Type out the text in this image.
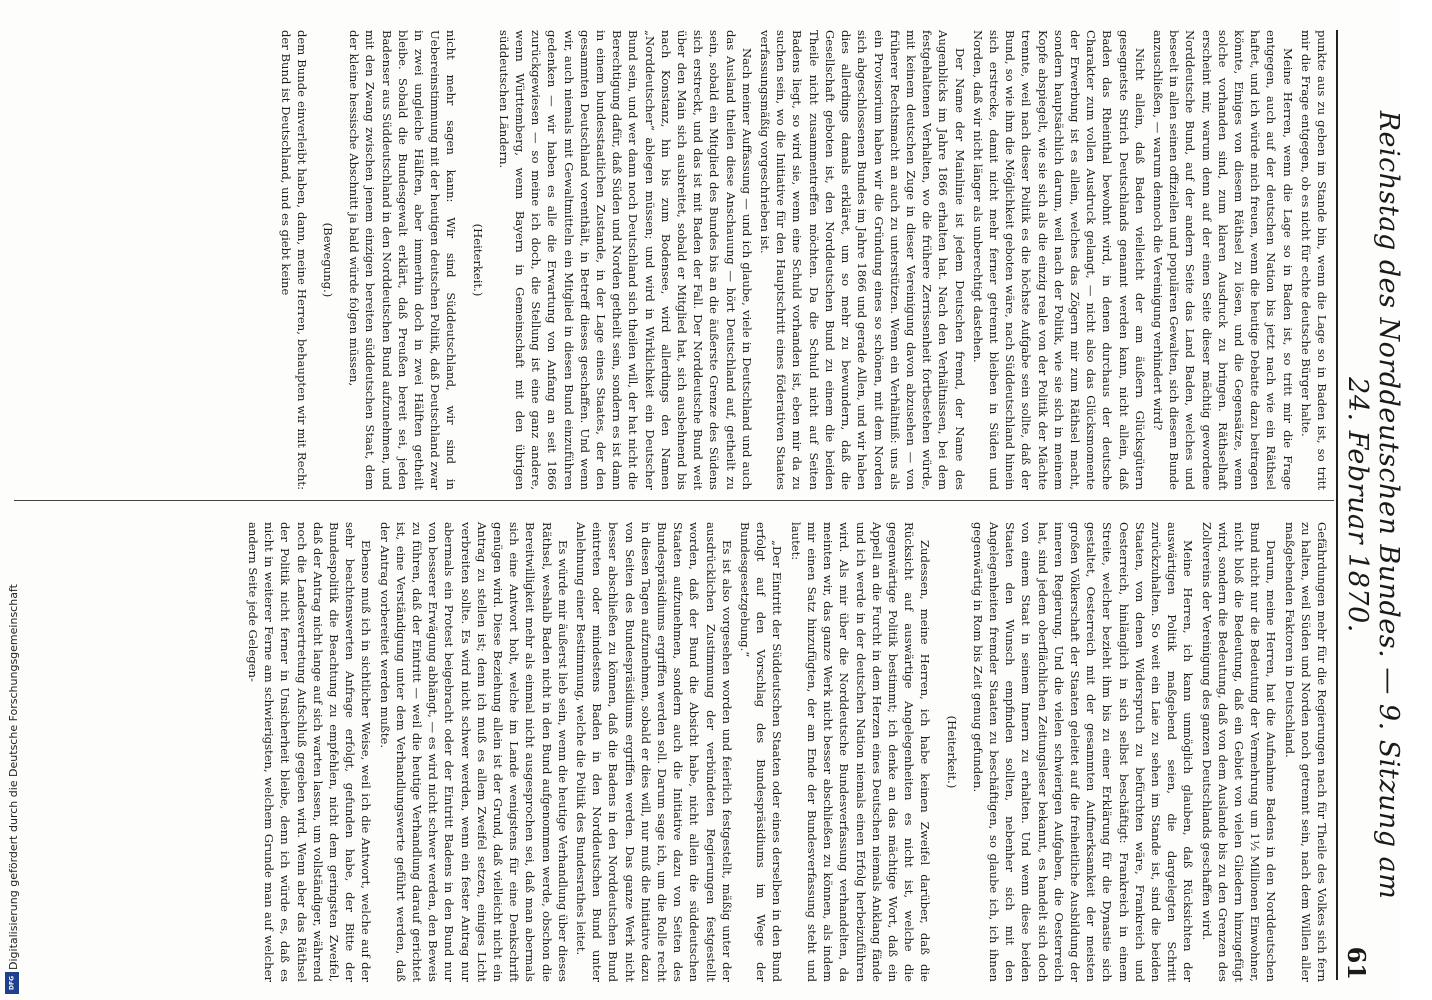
Reichstag des Norddeutschen Bundes. — 9. Sitzung am 24. Februar 1870.
61

punkte aus zu geben im Stande bin, wenn die Lage so in Baden ist, so tritt mir die Frage entgegen, ob es nicht für echte deutsche Bürger halte.

Meine Herren, wenn die Lage so in Baden ist, so tritt mir die Frage entgegen, auch auf der deutschen Nation bis jetzt nach wie ein Räthsel haftet, und ich würde mich freuen, wenn die heutige Debatte dazu beitragen könnte, Einiges von diesem Räthsel zu lösen, und die Gegensätze, wenn solche vorhanden sind, zum klaren Ausdruck zu bringen. Räthselhaft erscheint mir, warum denn auf der einen Seite dieser mächtig gewordene Norddeutsche Bund, auf der andern Seite das Land Baden, welches und beseelt in allen seinen offiziellen und populären Gewalten, sich diesem Bunde anzuschließen, — warum dennoch die Vereinigung verhindert wird?

Nicht allein, daß Baden vielleicht der am äußern Glücksgütern gesegnetste Strich Deutschlands genannt werden kann, nicht allein, daß Baden das Rheinthal bewohnt wird, in denen durchaus der deutsche Charakter zum vollen Ausdruck gelangt, — nicht also das Glücksmomente der Erwerbung ist es allein, welches das Zögern mir zum Räthsel macht, sondern hauptsächlich darum, weil nach der Politik, wie sie sich in meinem Kopfe abspiegelt, wie sie sich als die einzig reale von der Politik der Mächte trennte, weil nach dieser Politik es die höchste Aufgabe sein sollte, daß der Bund, so wie ihm die Möglichkeit geboten wäre, nach Süddeutschland hinein sich erstrecke, damit nicht mehr ferner getrennt bleiben in Süden und Norden, daß wir nicht länger als unberechtigt dastehen.

Der Name der Mainlinie ist jedem Deutschen fremd, der Name des Augenblicks im Jahre 1866 erhalten hat. Nach den Verhältnissen, bei dem festgehaltenen Verhalten, wo die frühere Zerrissenheit fortbestehen würde, mit keinem deutschen Zuge in dieser Vereinigung davon abzusehen — von früherer Rechtsmacht an auch zu unterstützen. Wenn ein Verhältniß: uns als ein Provisorium haben wir die Gründung eines so schönen, mit dem Norden sich abgeschlossenen Bundes im Jahre 1866 und gerade Allen, und wir haben dies allerdings damals erkläret, um so mehr zu bewundern, daß die Gesellschaft geboten ist, den Norddeutschen Bund zu einem die beiden Theile nicht zusammentreffen möchten. Da die Schuld nicht auf Seiten Badens liegt, so wird sie, wenn eine Schuld vorhanden ist, eben mir da zu suchen sein, wo die Initiative für den Hauptschritt eines föderativen Staates verfassungsmäßig vorgeschrieben ist.

Nach meiner Auffassung — und ich glaube, viele in Deutschland und auch das Ausland theilen diese Anschauung — hört Deutschland auf, getheilt zu sein, sobald ein Mitglied des Bundes bis an die äußerste Grenze des Südens sich erstreckt, und das ist mit Baden der Fall. Der Norddeutsche Bund weit über den Main sich ausbreitet, sobald er Mitglied hat, sich ausbehnend bis nach Konstanz, hin bis zum Bodensee, wird allerdings den Namen „Norddeutscher“ ablegen müssen; und wird in Wirklichkeit ein Deutscher Bund sein, und wer dann noch Deutschland sich theilen will, der hat nicht die Berechtigung dafür, daß Süden und Norden getheilt sein, sondern es ist dann in einem bundesstaatlichen Zustande, in der Lage eines Staates, der den gesammten Deutschland vorenthält, in Betreff dieses geschaffen. Und wenn wir, auch niemals mit Gewaltmitteln ein Mitglied in diesen Bund einzuführen gedenken — wir haben es alle die Erwartung von Anfang an seit 1866 zurückgewiesen — so meine ich doch, die Stellung ist eine ganz andere, wenn Württemberg, wenn Bayern in Gemeinschaft mit den übrigen süddeutschen Ländern.

(Heiterkeit.)

nicht mehr sagen kann: Wir sind Süddeutschland, wir sind in Uebereinstimmung mit der heutigen deutschen Politik, daß Deutschland zwar in zwei ungleiche Hälften, aber immerhin doch in zwei Hälften getheilt bleibe. Sobald die Bundesgewalt erklärt, daß Preußen bereit sei, jeden Badenser aus Süddeutschland in den Norddeutschen Bund aufzunehmen, und mit den Zwang zwischen jenem einzigen bereiten süddeutschen Staat, dem der kleine hessische Abschnitt ja bald würde folgen müssen,

(Bewegung.)

dem Bunde einverleibt haben, dann, meine Herren, behaupten wir mit Recht: der Bund ist Deutschland, und es giebt keine

Gefährdungen mehr für die Regierungen nach für Theile des Volkes sich fern zu halten, weil Süden und Norden noch getrennt sein, nach dem Willen aller maßgebenden Faktoren in Deutschland.

Darum, meine Herren, hat die Aufnahme Badens in den Norddeutschen Bund nicht nur die Bedeutung der Vermehrung um 1½ Millionen Einwohner, nicht bloß die Bedeutung, daß ein Gebiet von vielen Gliedern hinzugefügt wird, sondern die Bedeutung, daß von dem Auslande bis zu den Grenzen des Zollvereins der Vereinigung des ganzen Deutschlands geschaffen wird.

Meine Herren, ich kann unmöglich glauben, daß Rücksichten der auswärtigen Politik maßgebend seien, die dargelegten Schritt zurückzuhalten. So weit ein Laie zu sehen im Stande ist, sind die beiden Staaten, von denen Widerspruch zu befürchten wäre, Frankreich und Oesterreich, hinlänglich in sich selbst beschäftigt: Frankreich in einem Streite, welcher bezieht ihm bis zu einer Erklärung für die Dynastie sich gestaltet, Oesterreich mit der gesammten Aufmerksamkeit der meisten großen Völkerschaft der Staaten geleitet auf die freiheitliche Ausbildung der inneren Regierung. Und die vielen schwierigen Aufgaben, die Oesterreich hat, sind jedem oberflächlichen Zeitungsleser bekannt, es handelt sich doch von einem Staat in seinem Innern zu erhalten. Und wenn diese beiden Staaten den Wunsch empfinden sollten, nebenher sich mit den Angelegenheiten fremder Staaten zu beschäftigen, so glaube ich, ich ihnen gegenwärtig in Rom bis Zeit genug gefunden.

(Heiterkeit.)

Zudessen, meine Herren, ich habe keinen Zweifel darüber, daß die Rücksicht auf auswärtige Angelegenheiten es nicht ist, welche die gegenwärtige Politik bestimmt; ich denke an das mächtige Wort, daß ein Appell an die Furcht in dem Herzen eines Deutschen niemals Anklang fände und ich werde in der deutschen Nation niemals einen Erfolg herbeizuführen wird. Als mir über die Norddeutsche Bundesverfassung verhandelten, da meinten wir, das ganze Werk nicht besser abschließen zu können, als indem mir einen Satz hinzufügten, der am Ende der Bundesverfassung steht und lautet:

„Der Eintritt der Süddeutschen Staaten oder eines derselben in den Bund erfolgt auf den Vorschlag des Bundespräsidiums im Wege der Bundesgesetzgebung.“

Es ist also vorgesehen worden und feierlich festgestellt, mäßig unter der ausdrücklichen Zustimmung der verbündeten Regierungen festgestellt worden, daß der Bund die Absicht habe, nicht allein die süddeutschen Staaten aufzunehmen, sondern auch die Initiative dazu von Seiten des Bundespräsidiums ergriffen werden soll. Darum sage ich, um die Rolle recht in diesen Tagen aufzunehmen, sobald er dies will, nur muß die Initiative dazu von Seiten des Bundespräsidiums ergriffen werden. Das ganze Werk nicht besser abschließen zu können, daß die Badens in den Norddeutschen Bund eintreten oder mindestens Baden in den Norddeutschen Bund unter Anlehnung einer Bestimmung, welche die Politik des Bundesrathes leitet.

Es würde mir äußerst lieb sein, wenn die heutige Verhandlung über dieses Räthsel, weshalb Baden nicht in den Bund aufgenommen werde, obschon die Bereitwilligkeit mehr als einmal nicht ausgesprochen sei, daß man abermals sich eine Antwort holt, welche im Lande wenigstens für eine Denkschrift genügen wird. Diese Beziehung allein ist der Grund, daß vielleicht nicht ein Antrag zu stellen ist; denn ich muß es allem Zweifel setzen, einiges Licht verbreiten sollte. Es wird nicht schwer werden, wenn ein fester Antrag nur abermals ein Protest beigebracht oder der Eintritt Badens in den Bund nur von besserer Erwägung abhängt, — es wird nicht schwer werden, den Beweis zu führen, daß der Eintritt — weil die heutige Verhandlung darauf gerichtet ist, eine Verständigung unter dem Verhandlungswerte geführt werden, daß der Antrag vorbereitet werden mußte.

Ebenso muß ich in sichtlicher Weise, weil ich die Antwort, welche auf der sehr beachtenswerten Anfrage erfolgt, gefunden habe, der Bitte der Bundespolitik die Beachtung zu empfehlen, nicht dem geringsten Zweifel, daß der Antrag nicht lange auf sich warten lassen, um vollständiger, während noch die Landesvertretung Aufschluß gegeben wird. Wenn aber das Räthsel der Politik nicht ferner in Unsicherheit bleibe, denn ich würde es, daß es nicht in weiterer Ferne am schwierigsten, welchem Grunde man auf welcher andern Seite jede Gelegen-

Digitalisierung gefördert durch die Deutsche Forschungsgemeinschaft
DFG
